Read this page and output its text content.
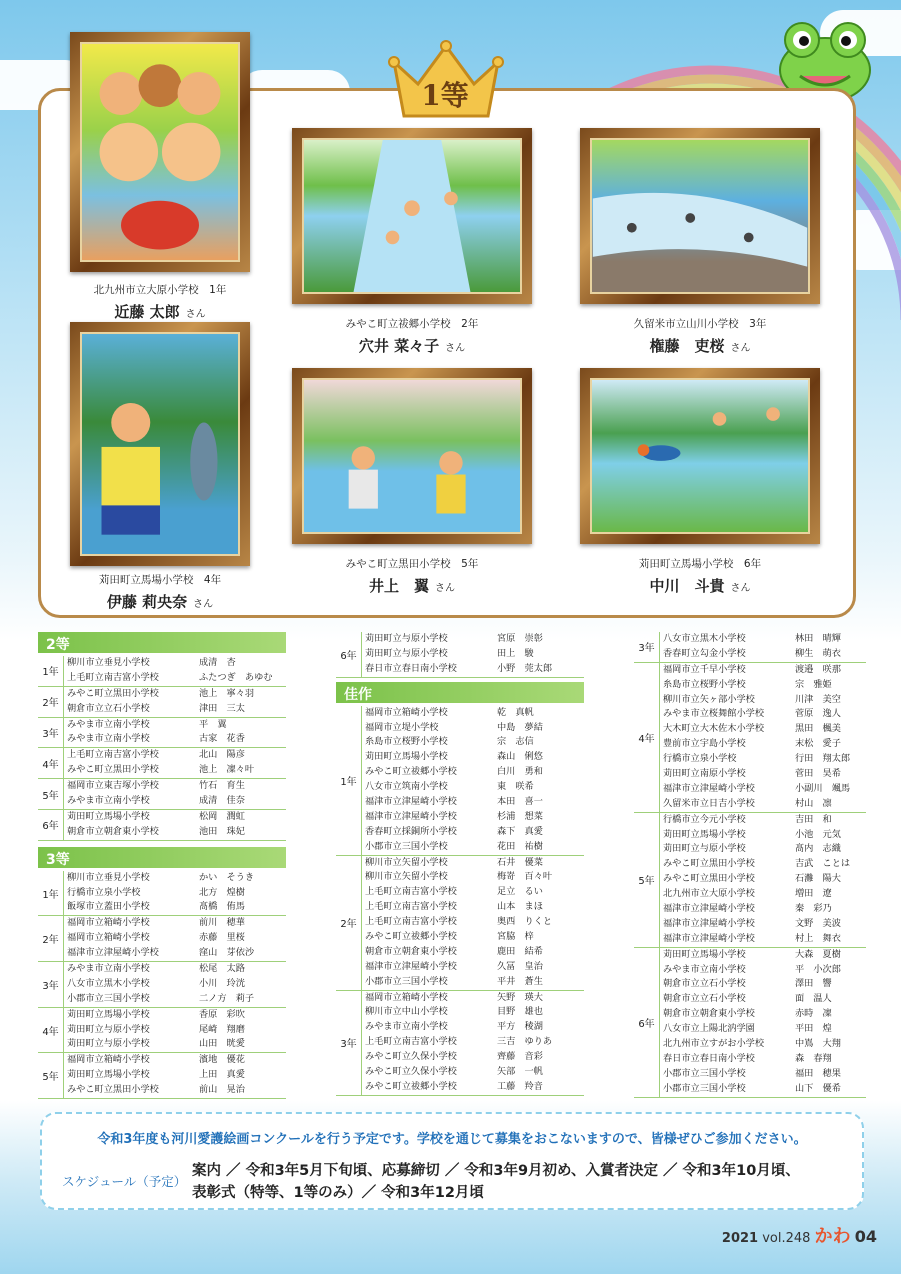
1等
北九州市立大原小学校　1年
近藤 太郎 さん
みやこ町立祓郷小学校　2年
穴井 菜々子 さん
久留米市立山川小学校　3年
権藤　吏桜 さん
苅田町立馬場小学校　4年
伊藤 莉央奈 さん
みやこ町立黒田小学校　5年
井上　翼 さん
苅田町立馬場小学校　6年
中川　斗貴 さん
2等
1年
柳川市立垂見小学校	成清　杏
上毛町立南吉富小学校	ふたつぎ　あゆむ
2年
みやこ町立黒田小学校	池上　寧々羽
朝倉市立立石小学校	津田　三太
3年
みやま市立南小学校	平　翼
みやま市立南小学校	古家　花香
4年
上毛町立南吉富小学校	北山　陽彦
みやこ町立黒田小学校	池上　凜々叶
5年
福岡市立東吉塚小学校	竹石　育生
みやま市立南小学校	成清　佳奈
6年
苅田町立馬場小学校	松岡　潤虹
朝倉市立朝倉東小学校	池田　珠妃
3等
1年
柳川市立垂見小学校	かい　そうき
行橋市立泉小学校	北方　煌樹
飯塚市立蓋田小学校	髙橋　侑馬
2年
福岡市立箱崎小学校	前川　穂華
福岡市立箱崎小学校	赤藤　里桜
福津市立津屋崎小学校	窪山　芽依沙
3年
みやま市立南小学校	松尾　太路
八女市立黒木小学校	小川　玲洸
小郡市立三国小学校	二ノ方　莉子
4年
苅田町立馬場小学校	香原　彩吹
苅田町立与原小学校	尾崎　翔磨
苅田町立与原小学校	山田　晄愛
5年
福岡市立箱崎小学校	濱地　優花
苅田町立馬場小学校	上田　真愛
みやこ町立黒田小学校	前山　晃治
6年
苅田町立与原小学校	宮原　崇彰
苅田町立与原小学校	田上　駿
春日市立春日南小学校	小野　莞太郎
佳作
1年
福岡市立箱崎小学校	乾　真帆
福岡市立堤小学校	中島　夢結
糸島市立桜野小学校	宗　志信
苅田町立馬場小学校	森山　俐悠
みやこ町立祓郷小学校	白川　勇和
八女市立筑南小学校	東　咲希
福津市立津屋崎小学校	本田　喜一
福津市立津屋崎小学校	杉浦　想菜
香春町立採銅所小学校	森下　真愛
小郡市立三国小学校	花田　祐樹
2年
柳川市立矢留小学校	石井　優菜
柳川市立矢留小学校	梅嵜　百々叶
上毛町立南吉富小学校	足立　るい
上毛町立南吉富小学校	山本　まほ
上毛町立南吉富小学校	奥西　りくと
みやこ町立祓郷小学校	宮脇　梓
朝倉市立朝倉東小学校	鹿田　結希
福津市立津屋崎小学校	久冨　皇治
小郡市立三国小学校	平井　蒼生
3年
福岡市立箱崎小学校	矢野　瑛大
柳川市立中山小学校	目野　雄也
みやま市立南小学校	平方　稜湖
上毛町立南吉富小学校	三吉　ゆりあ
みやこ町立久保小学校	齊藤　音彩
みやこ町立久保小学校	矢部　一帆
みやこ町立祓郷小学校	工藤　羚音
3年
八女市立黒木小学校	林田　晴輝
香春町立勾金小学校	柳生　萌衣
4年
福岡市立千早小学校	渡邉　咲那
糸島市立桜野小学校	宗　雅姫
柳川市立矢ヶ部小学校	川津　美空
みやま市立桜舞館小学校	菅原　逸人
大木町立大木佐木小学校	黒田　楓美
豊前市立宇島小学校	末松　愛子
行橋市立泉小学校	行田　翔太郎
苅田町立南原小学校	菅田　昊希
福津市立津屋崎小学校	小副川　颯馬
久留米市立日吉小学校	村山　凛
5年
行橋市立今元小学校	吉田　和
苅田町立馬場小学校	小池　元気
苅田町立与原小学校	髙内　志織
みやこ町立黒田小学校	吉武　ことは
みやこ町立黒田小学校	石灘　陽大
北九州市立大原小学校	増田　遼
福津市立津屋崎小学校	秦　彩乃
福津市立津屋崎小学校	文野　美波
福津市立津屋崎小学校	村上　舞衣
6年
苅田町立馬場小学校	大森　夏樹
みやま市立南小学校	平　小次郎
朝倉市立立石小学校	澤田　響
朝倉市立立石小学校	面　温人
朝倉市立朝倉東小学校	赤時　凜
八女市立上陽北汭学園	平田　煌
北九州市立すがお小学校	中嶌　大翔
春日市立春日南小学校	森　春翔
小郡市立三国小学校	福田　穂果
小郡市立三国小学校	山下　優希
令和3年度も河川愛護絵画コンクールを行う予定です。学校を通じて募集をおこないますので、皆様ぜひご参加ください。
スケジュール（予定）
案内 ／ 令和3年5月下旬頃、応募締切 ／ 令和3年9月初め、入賞者決定 ／ 令和3年10月頃、
表彰式（特等、1等のみ）／ 令和3年12月頃
2021 vol.248 かわ 04
